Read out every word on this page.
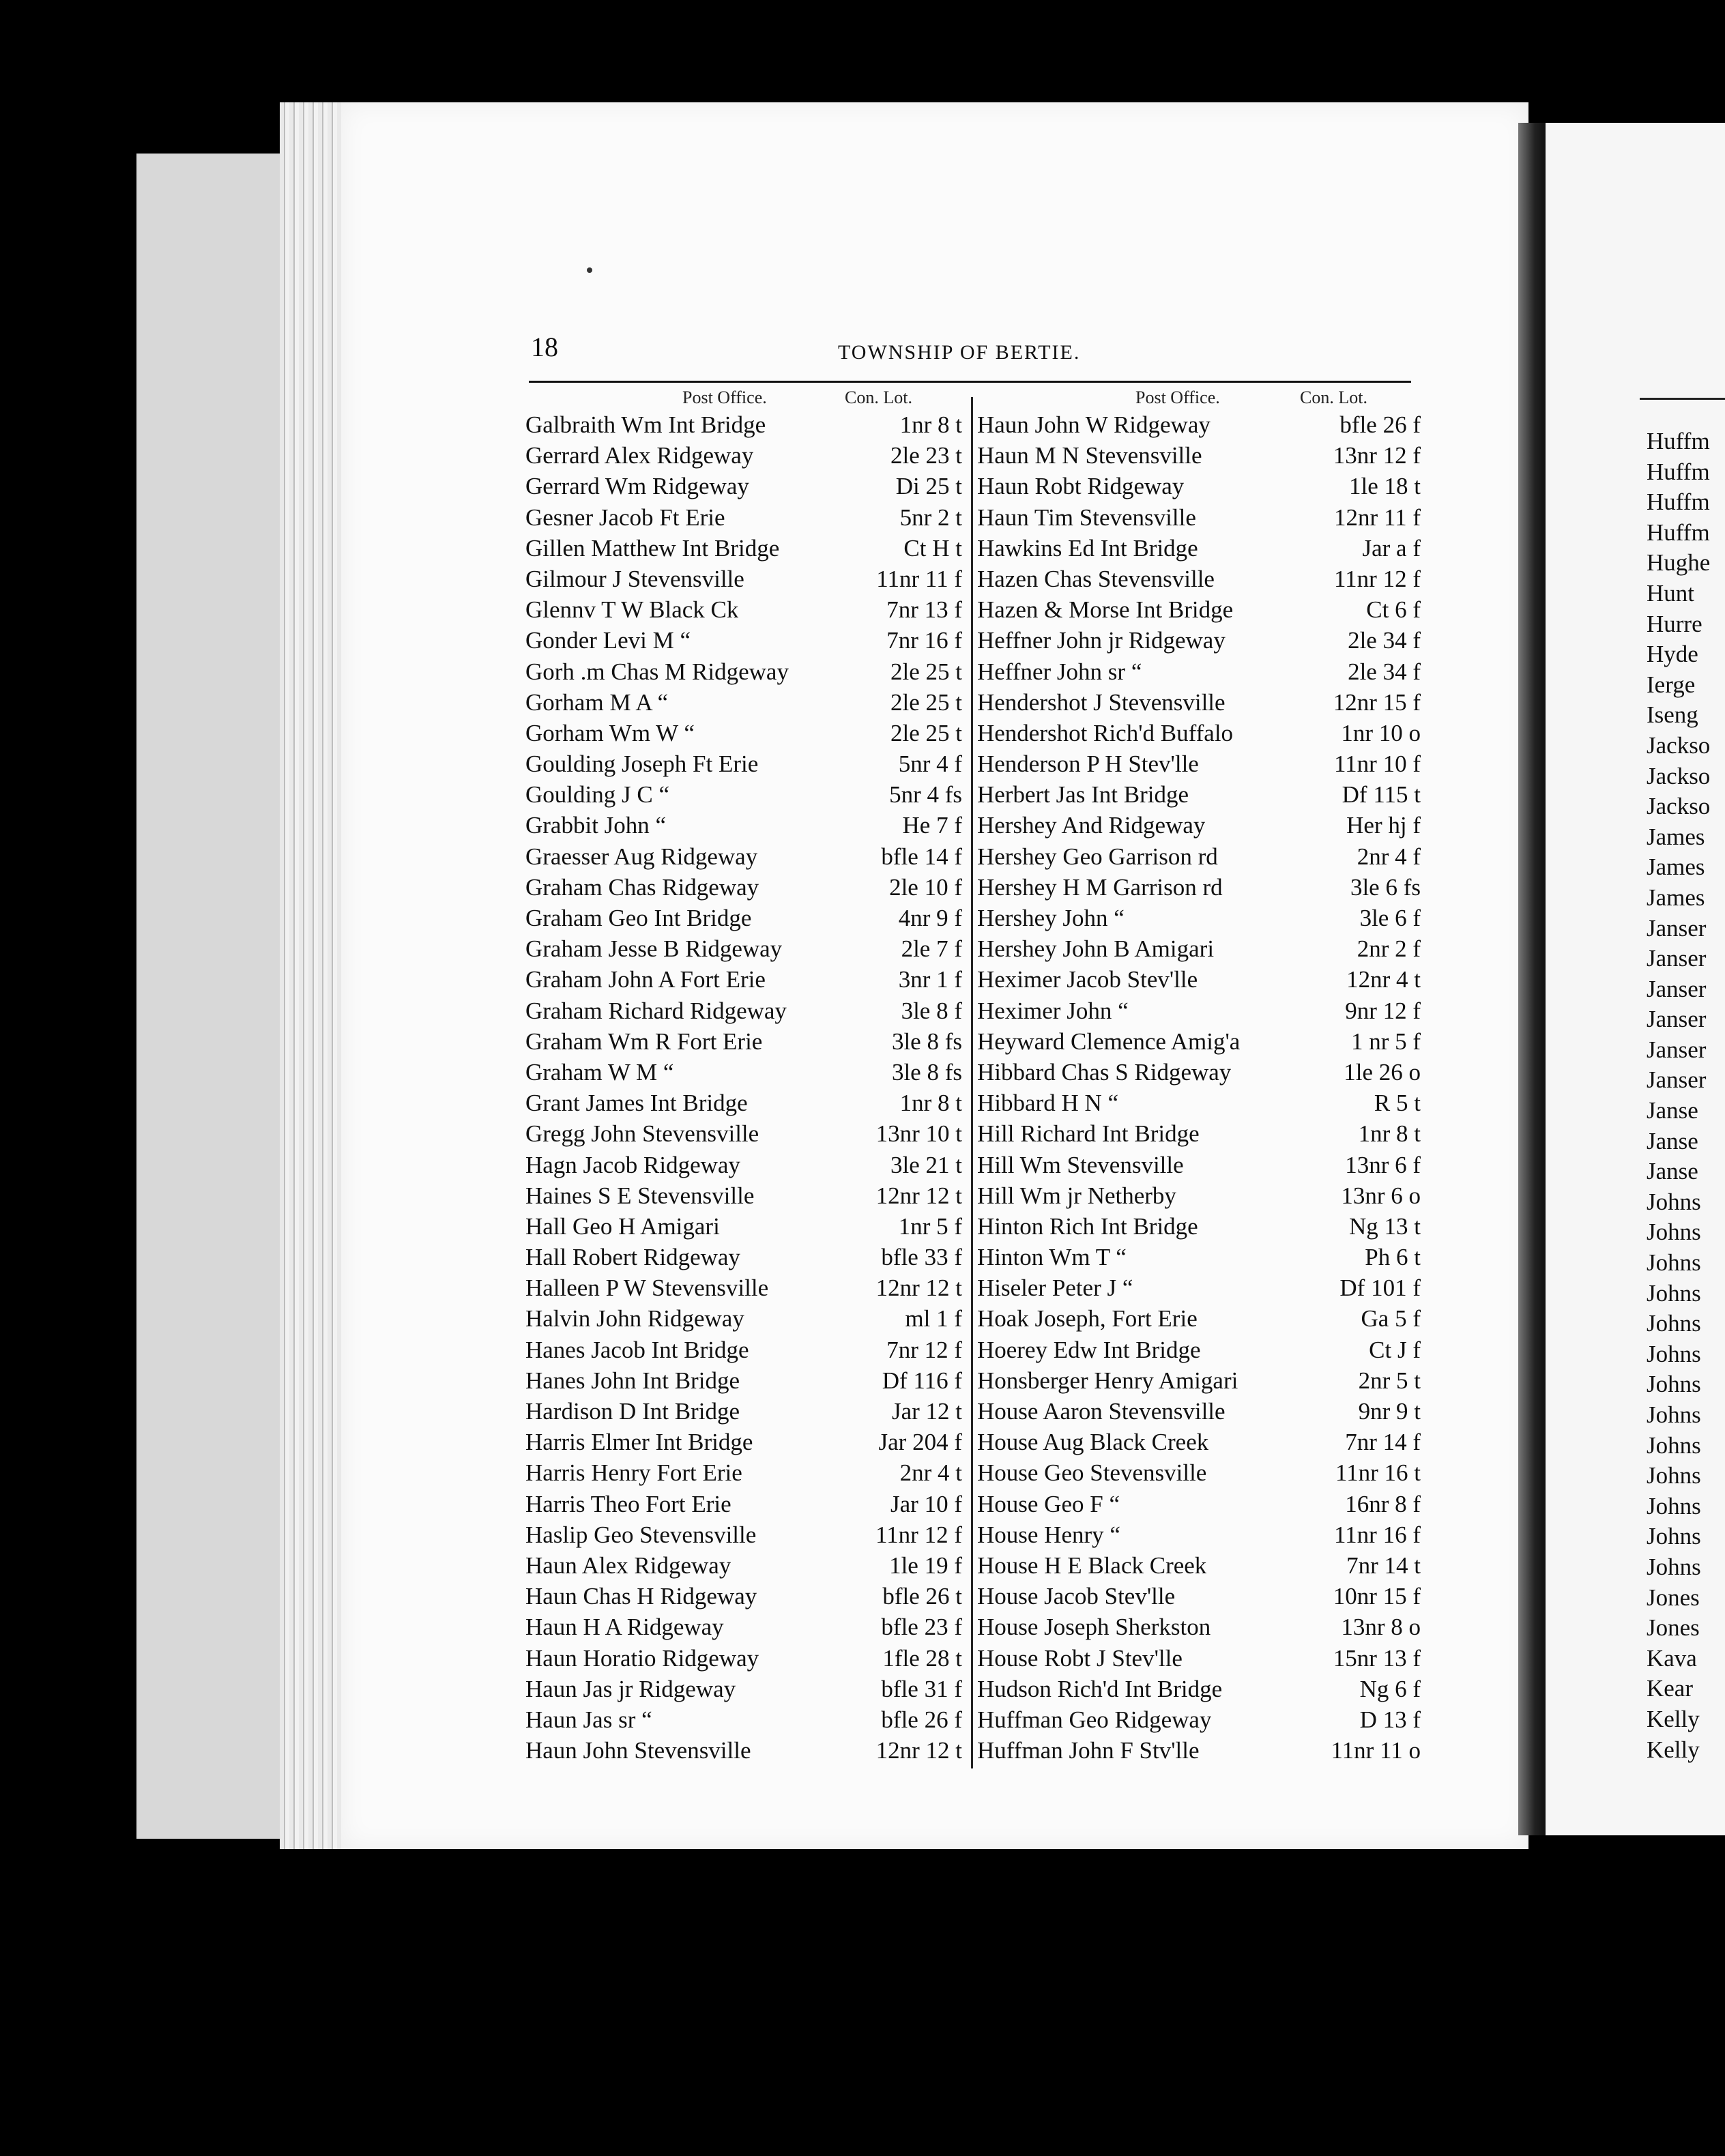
18	TOWNSHIP OF BERTIE.
Post Office.	Con. Lot.	Post Office.	Con. Lot.
Galbraith Wm Int Bridge	1nr 8 t
Gerrard Alex Ridgeway	2le 23 t
Gerrard Wm Ridgeway	Di 25 t
Gesner Jacob Ft Erie	5nr 2 t
Gillen Matthew Int Bridge	Ct H t
Gilmour J Stevensville	11nr 11 f
Glennv T W Black Ck	7nr 13 f
Gonder Levi M “	7nr 16 f
Gorh .m Chas M Ridgeway	2le 25 t
Gorham M A “	2le 25 t
Gorham Wm W “	2le 25 t
Goulding Joseph Ft Erie	5nr 4 f
Goulding J C “	5nr 4 fs
Grabbit John “	He 7 f
Graesser Aug Ridgeway	bfle 14 f
Graham Chas Ridgeway	2le 10 f
Graham Geo Int Bridge	4nr 9 f
Graham Jesse B Ridgeway	2le 7 f
Graham John A Fort Erie	3nr 1 f
Graham Richard Ridgeway	3le 8 f
Graham Wm R Fort Erie	3le 8 fs
Graham W M “	3le 8 fs
Grant James Int Bridge	1nr 8 t
Gregg John Stevensville	13nr 10 t
Hagn Jacob Ridgeway	3le 21 t
Haines S E Stevensville	12nr 12 t
Hall Geo H Amigari	1nr 5 f
Hall Robert Ridgeway	bfle 33 f
Halleen P W Stevensville	12nr 12 t
Halvin John Ridgeway	ml 1 f
Hanes Jacob Int Bridge	7nr 12 f
Hanes John Int Bridge	Df 116 f
Hardison D Int Bridge	Jar 12 t
Harris Elmer Int Bridge	Jar 204 f
Harris Henry Fort Erie	2nr 4 t
Harris Theo Fort Erie	Jar 10 f
Haslip Geo Stevensville	11nr 12 f
Haun Alex Ridgeway	1le 19 f
Haun Chas H Ridgeway	bfle 26 t
Haun H A Ridgeway	bfle 23 f
Haun Horatio Ridgeway	1fle 28 t
Haun Jas jr Ridgeway	bfle 31 f
Haun Jas sr “	bfle 26 f
Haun John Stevensville	12nr 12 t
Haun John W Ridgeway	bfle 26 f
Haun M N Stevensville	13nr 12 f
Haun Robt Ridgeway	1le 18 t
Haun Tim Stevensville	12nr 11 f
Hawkins Ed Int Bridge	Jar a f
Hazen Chas Stevensville	11nr 12 f
Hazen & Morse Int Bridge	Ct 6 f
Heffner John jr Ridgeway	2le 34 f
Heffner John sr “	2le 34 f
Hendershot J Stevensville	12nr 15 f
Hendershot Rich'd Buffalo	1nr 10 o
Henderson P H Stev'lle	11nr 10 f
Herbert Jas Int Bridge	Df 115 t
Hershey And Ridgeway	Her hj f
Hershey Geo Garrison rd	2nr 4 f
Hershey H M Garrison rd	3le 6 fs
Hershey John “	3le 6 f
Hershey John B Amigari	2nr 2 f
Heximer Jacob Stev'lle	12nr 4 t
Heximer John “	9nr 12 f
Heyward Clemence Amig'a	1 nr 5 f
Hibbard Chas S Ridgeway	1le 26 o
Hibbard H N “	R 5 t
Hill Richard Int Bridge	1nr 8 t
Hill Wm Stevensville	13nr 6 f
Hill Wm jr Netherby	13nr 6 o
Hinton Rich Int Bridge	Ng 13 t
Hinton Wm T “	Ph 6 t
Hiseler Peter J “	Df 101 f
Hoak Joseph, Fort Erie	Ga 5 f
Hoerey Edw Int Bridge	Ct J f
Honsberger Henry Amigari	2nr 5 t
House Aaron Stevensville	9nr 9 t
House Aug Black Creek	7nr 14 f
House Geo Stevensville	11nr 16 t
House Geo F “	16nr 8 f
House Henry “	11nr 16 f
House H E Black Creek	7nr 14 t
House Jacob Stev'lle	10nr 15 f
House Joseph Sherkston	13nr 8 o
House Robt J Stev'lle	15nr 13 f
Hudson Rich'd Int Bridge	Ng 6 f
Huffman Geo Ridgeway	D 13 f
Huffman John F Stv'lle	11nr 11 o
Huffm
Huffm
Huffm
Huffm
Hughe
Hunt
Hurre
Hyde
Ierge
Iseng
Jackso
Jackso
Jackso
James
James
James
Janser
Janser
Janser
Janser
Janser
Janser
Janse
Janse
Janse
Johns
Johns
Johns
Johns
Johns
Johns
Johns
Johns
Johns
Johns
Johns
Johns
Johns
Jones
Jones
Kava
Kear
Kelly
Kelly
